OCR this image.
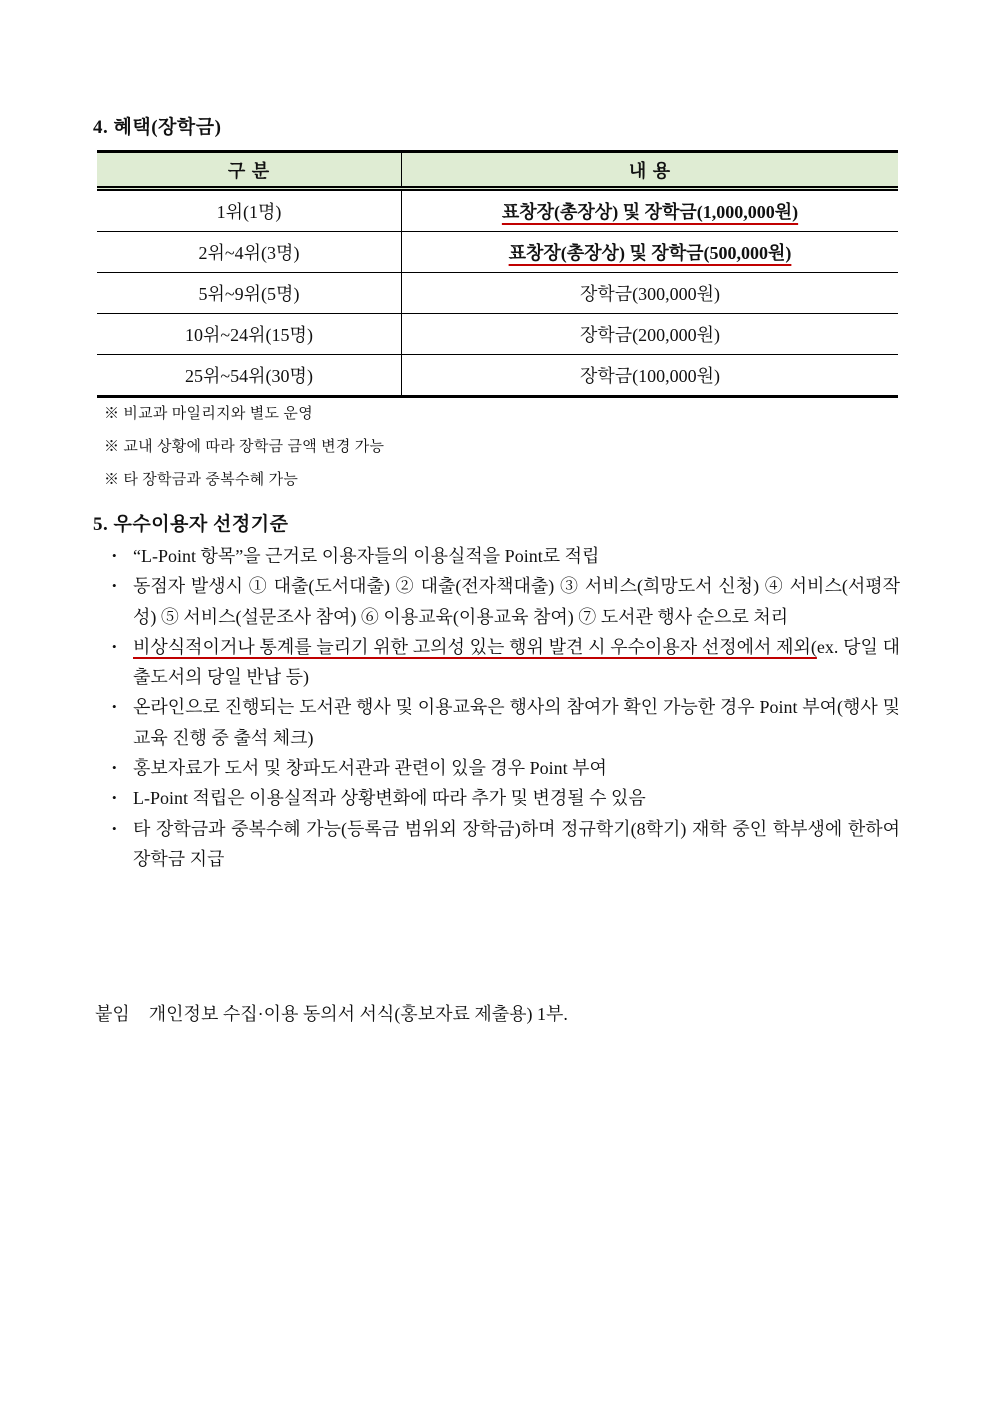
4. 혜택(장학금)
구 분	내 용
1위(1명)	표창장(총장상) 및 장학금(1,000,000원)
2위~4위(3명)	표창장(총장상) 및 장학금(500,000원)
5위~9위(5명)	장학금(300,000원)
10위~24위(15명)	장학금(200,000원)
25위~54위(30명)	장학금(100,000원)
※ 비교과 마일리지와 별도 운영
※ 교내 상황에 따라 장학금 금액 변경 가능
※ 타 장학금과 중복수혜 가능
5. 우수이용자 선정기준
• “L-Point 항목”을 근거로 이용자들의 이용실적을 Point로 적립
• 동점자 발생시 ① 대출(도서대출) ② 대출(전자책대출) ③ 서비스(희망도서 신청) ④ 서비스(서평작성) ⑤ 서비스(설문조사 참여) ⑥ 이용교육(이용교육 참여) ⑦ 도서관 행사 순으로 처리
• 비상식적이거나 통계를 늘리기 위한 고의성 있는 행위 발견 시 우수이용자 선정에서 제외(ex. 당일 대출도서의 당일 반납 등)
• 온라인으로 진행되는 도서관 행사 및 이용교육은 행사의 참여가 확인 가능한 경우 Point 부여(행사 및 교육 진행 중 출석 체크)
• 홍보자료가 도서 및 창파도서관과 관련이 있을 경우 Point 부여
• L-Point 적립은 이용실적과 상황변화에 따라 추가 및 변경될 수 있음
• 타 장학금과 중복수혜 가능(등록금 범위외 장학금)하며 정규학기(8학기) 재학 중인 학부생에 한하여 장학금 지급
붙임 개인정보 수집·이용 동의서 서식(홍보자료 제출용) 1부.
